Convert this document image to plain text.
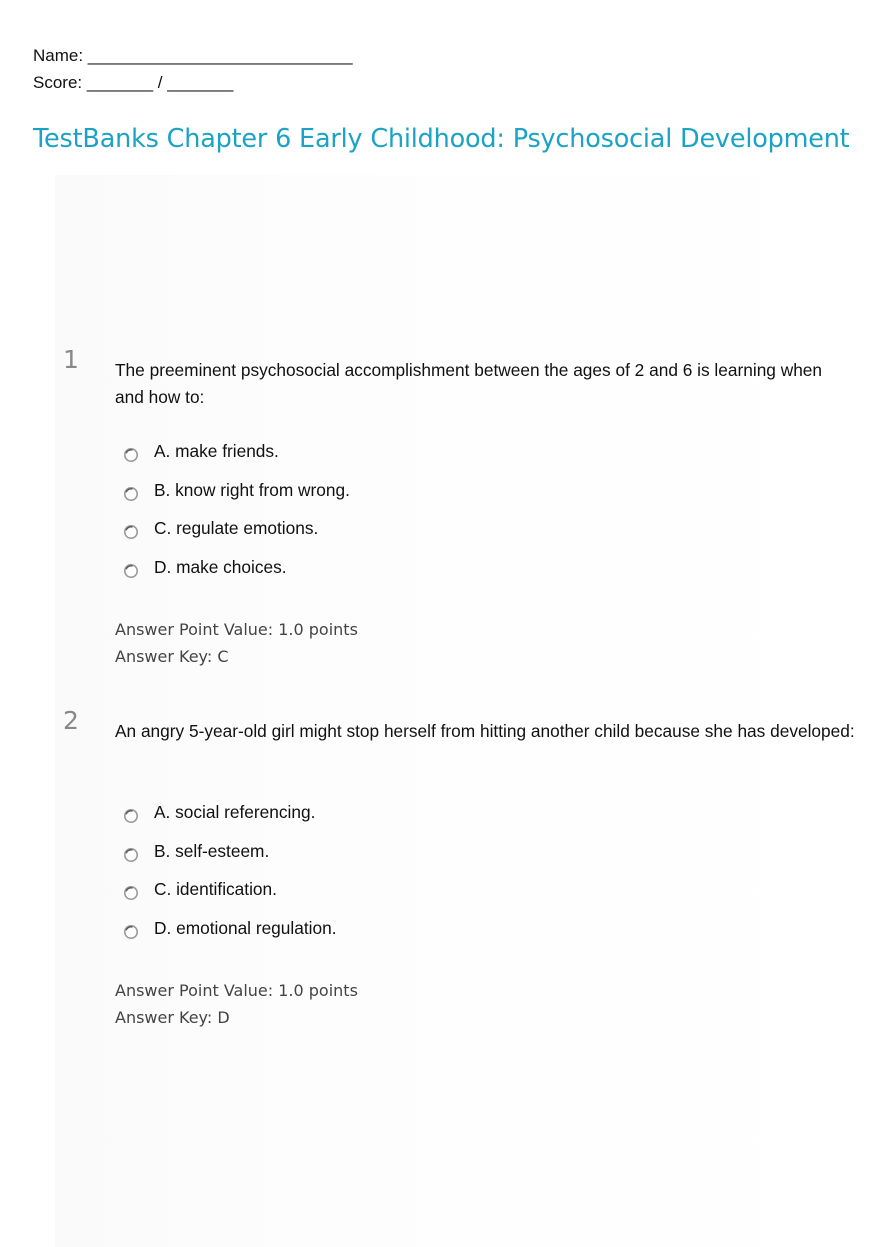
Name: ____________________________
Score: _______ / _______
TestBanks Chapter 6 Early Childhood: Psychosocial Development
1 The preeminent psychosocial accomplishment between the ages of 2 and 6 is learning when and how to:
A. make friends.
B. know right from wrong.
C. regulate emotions.
D. make choices.
Answer Point Value: 1.0 points
Answer Key: C
2 An angry 5-year-old girl might stop herself from hitting another child because she has developed:
A. social referencing.
B. self-esteem.
C. identification.
D. emotional regulation.
Answer Point Value: 1.0 points
Answer Key: D
